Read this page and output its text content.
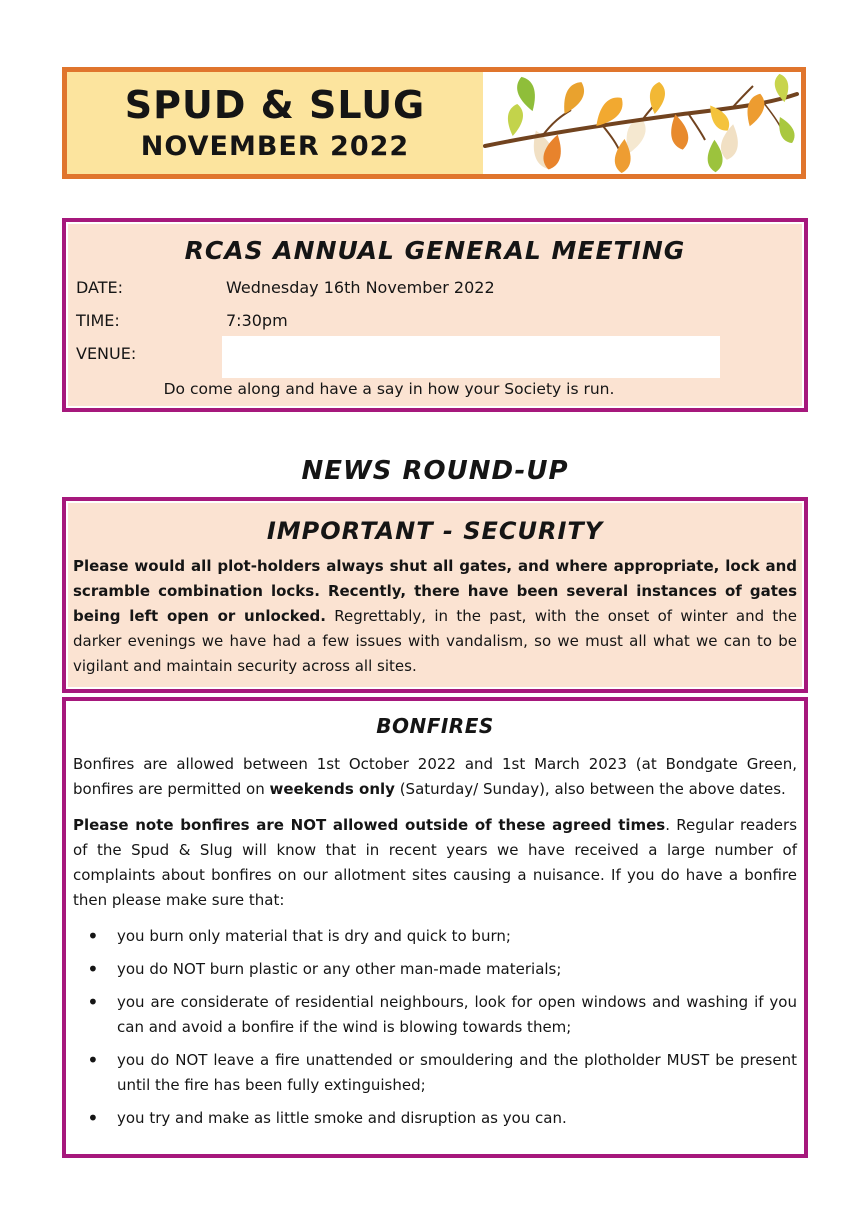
SPUD & SLUG
NOVEMBER 2022
RCAS ANNUAL GENERAL MEETING
DATE:	Wednesday 16th November 2022
TIME:	7:30pm
VENUE:
Do come along and have a say in how your Society is run.
NEWS ROUND-UP
IMPORTANT - SECURITY

Please would all plot-holders always shut all gates, and where appropriate, lock and scramble combination locks. Recently, there have been several instances of gates being left open or unlocked. Regrettably, in the past, with the onset of winter and the darker evenings we have had a few issues with vandalism, so we must all what we can to be vigilant and maintain security across all sites.

BONFIRES

Bonfires are allowed between 1st October 2022 and 1st March 2023 (at Bondgate Green, bonfires are permitted on weekends only (Saturday/ Sunday), also between the above dates.

Please note bonfires are NOT allowed outside of these agreed times. Regular readers of the Spud & Slug will know that in recent years we have received a large number of complaints about bonfires on our allotment sites causing a nuisance. If you do have a bonfire then please make sure that:

• you burn only material that is dry and quick to burn;
• you do NOT burn plastic or any other man-made materials;
• you are considerate of residential neighbours, look for open windows and washing if you can and avoid a bonfire if the wind is blowing towards them;
• you do NOT leave a fire unattended or smouldering and the plotholder MUST be present until the fire has been fully extinguished;
• you try and make as little smoke and disruption as you can.
